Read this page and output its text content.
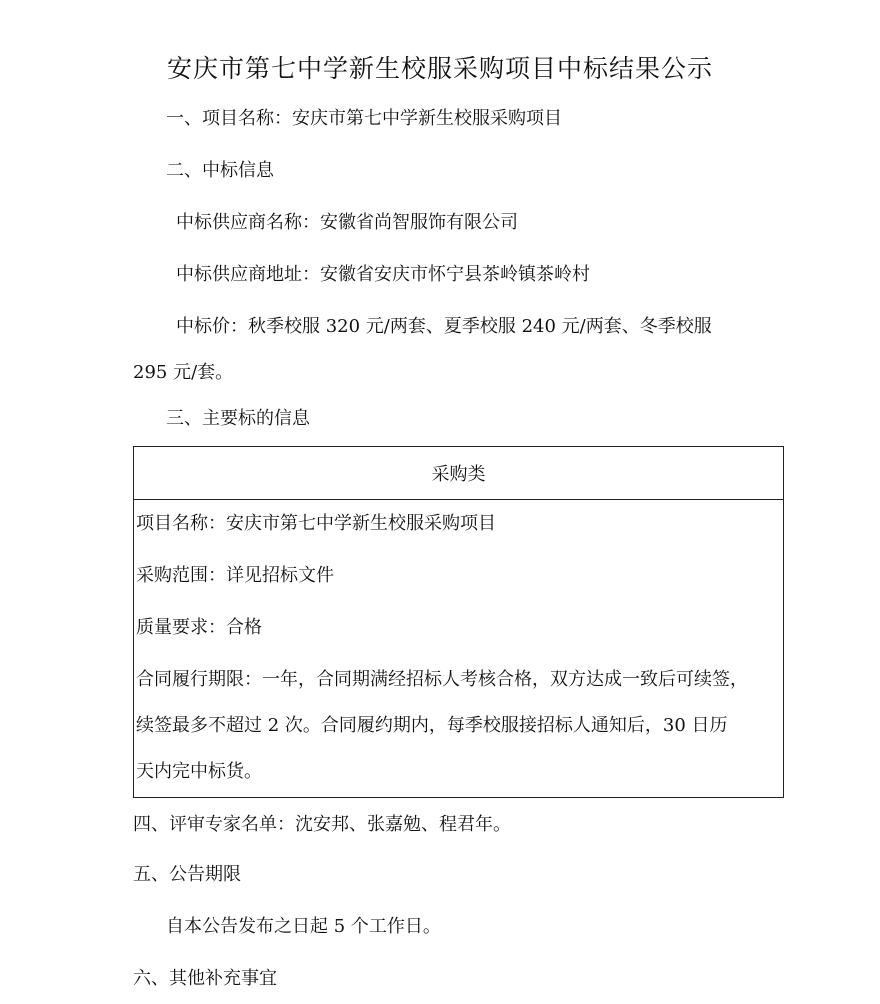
安庆市第七中学新生校服采购项目中标结果公示
一、项目名称：安庆市第七中学新生校服采购项目
二、中标信息
中标供应商名称：安徽省尚智服饰有限公司
中标供应商地址：安徽省安庆市怀宁县茶岭镇茶岭村
中标价：秋季校服 320 元/两套、夏季校服 240 元/两套、冬季校服
295 元/套。
三、主要标的信息
采购类
项目名称：安庆市第七中学新生校服采购项目
采购范围：详见招标文件
质量要求：合格
合同履行期限：一年，合同期满经招标人考核合格，双方达成一致后可续签，
续签最多不超过 2 次。合同履约期内，每季校服接招标人通知后，30 日历
天内完中标货。
四、评审专家名单：沈安邦、张嘉勉、程君年。
五、公告期限
自本公告发布之日起 5 个工作日。
六、其他补充事宜
